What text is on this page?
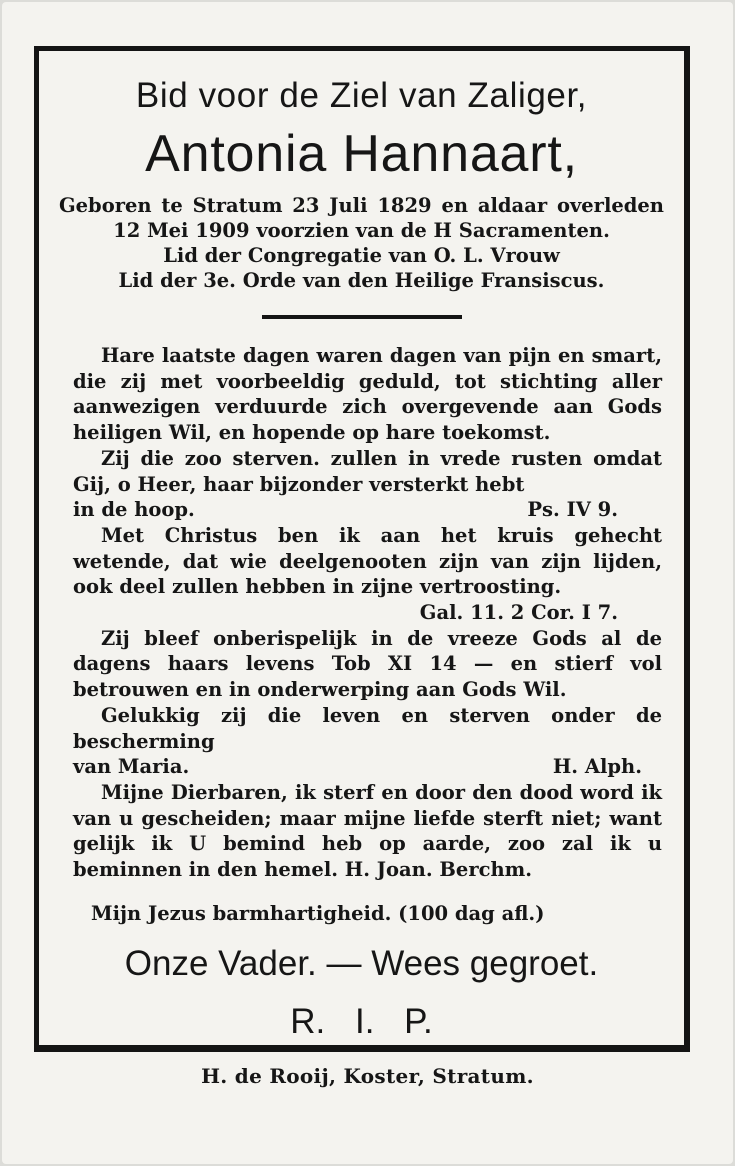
Bid voor de Ziel van Zaliger,
Antonia Hannaart,
Geboren te Stratum 23 Juli 1829 en aldaar overleden 12 Mei 1909 voorzien van de H Sacramenten.
Lid der Congregatie van O. L. Vrouw
Lid der 3e. Orde van den Heilige Fransiscus.
Hare laatste dagen waren dagen van pijn en smart, die zij met voorbeeldig geduld, tot stichting aller aanwezigen verduurde zich overgevende aan Gods heiligen Wil, en hopende op hare toekomst.
Zij die zoo sterven. zullen in vrede rusten omdat Gij, o Heer, haar bijzonder versterkt hebt
in de hoop.	Ps. IV 9.
Met Christus ben ik aan het kruis gehecht wetende, dat wie deelgenooten zijn van zijn lijden, ook deel zullen hebben in zijne vertroosting.
Gal. 11. 2 Cor. I 7.
Zij bleef onberispelijk in de vreeze Gods al de dagens haars levens Tob XI 14 — en stierf vol betrouwen en in onderwerping aan Gods Wil.
Gelukkig zij die leven en sterven onder de bescherming
van Maria.	H. Alph.
Mijne Dierbaren, ik sterf en door den dood word ik van u gescheiden; maar mijne liefde sterft niet; want gelijk ik U bemind heb op aarde, zoo zal ik u beminnen in den hemel. H. Joan. Berchm.
Mijn Jezus barmhartigheid. (100 dag afl.)
Onze Vader. — Wees gegroet.
R. I. P.
H. de Rooij, Koster, Stratum.
